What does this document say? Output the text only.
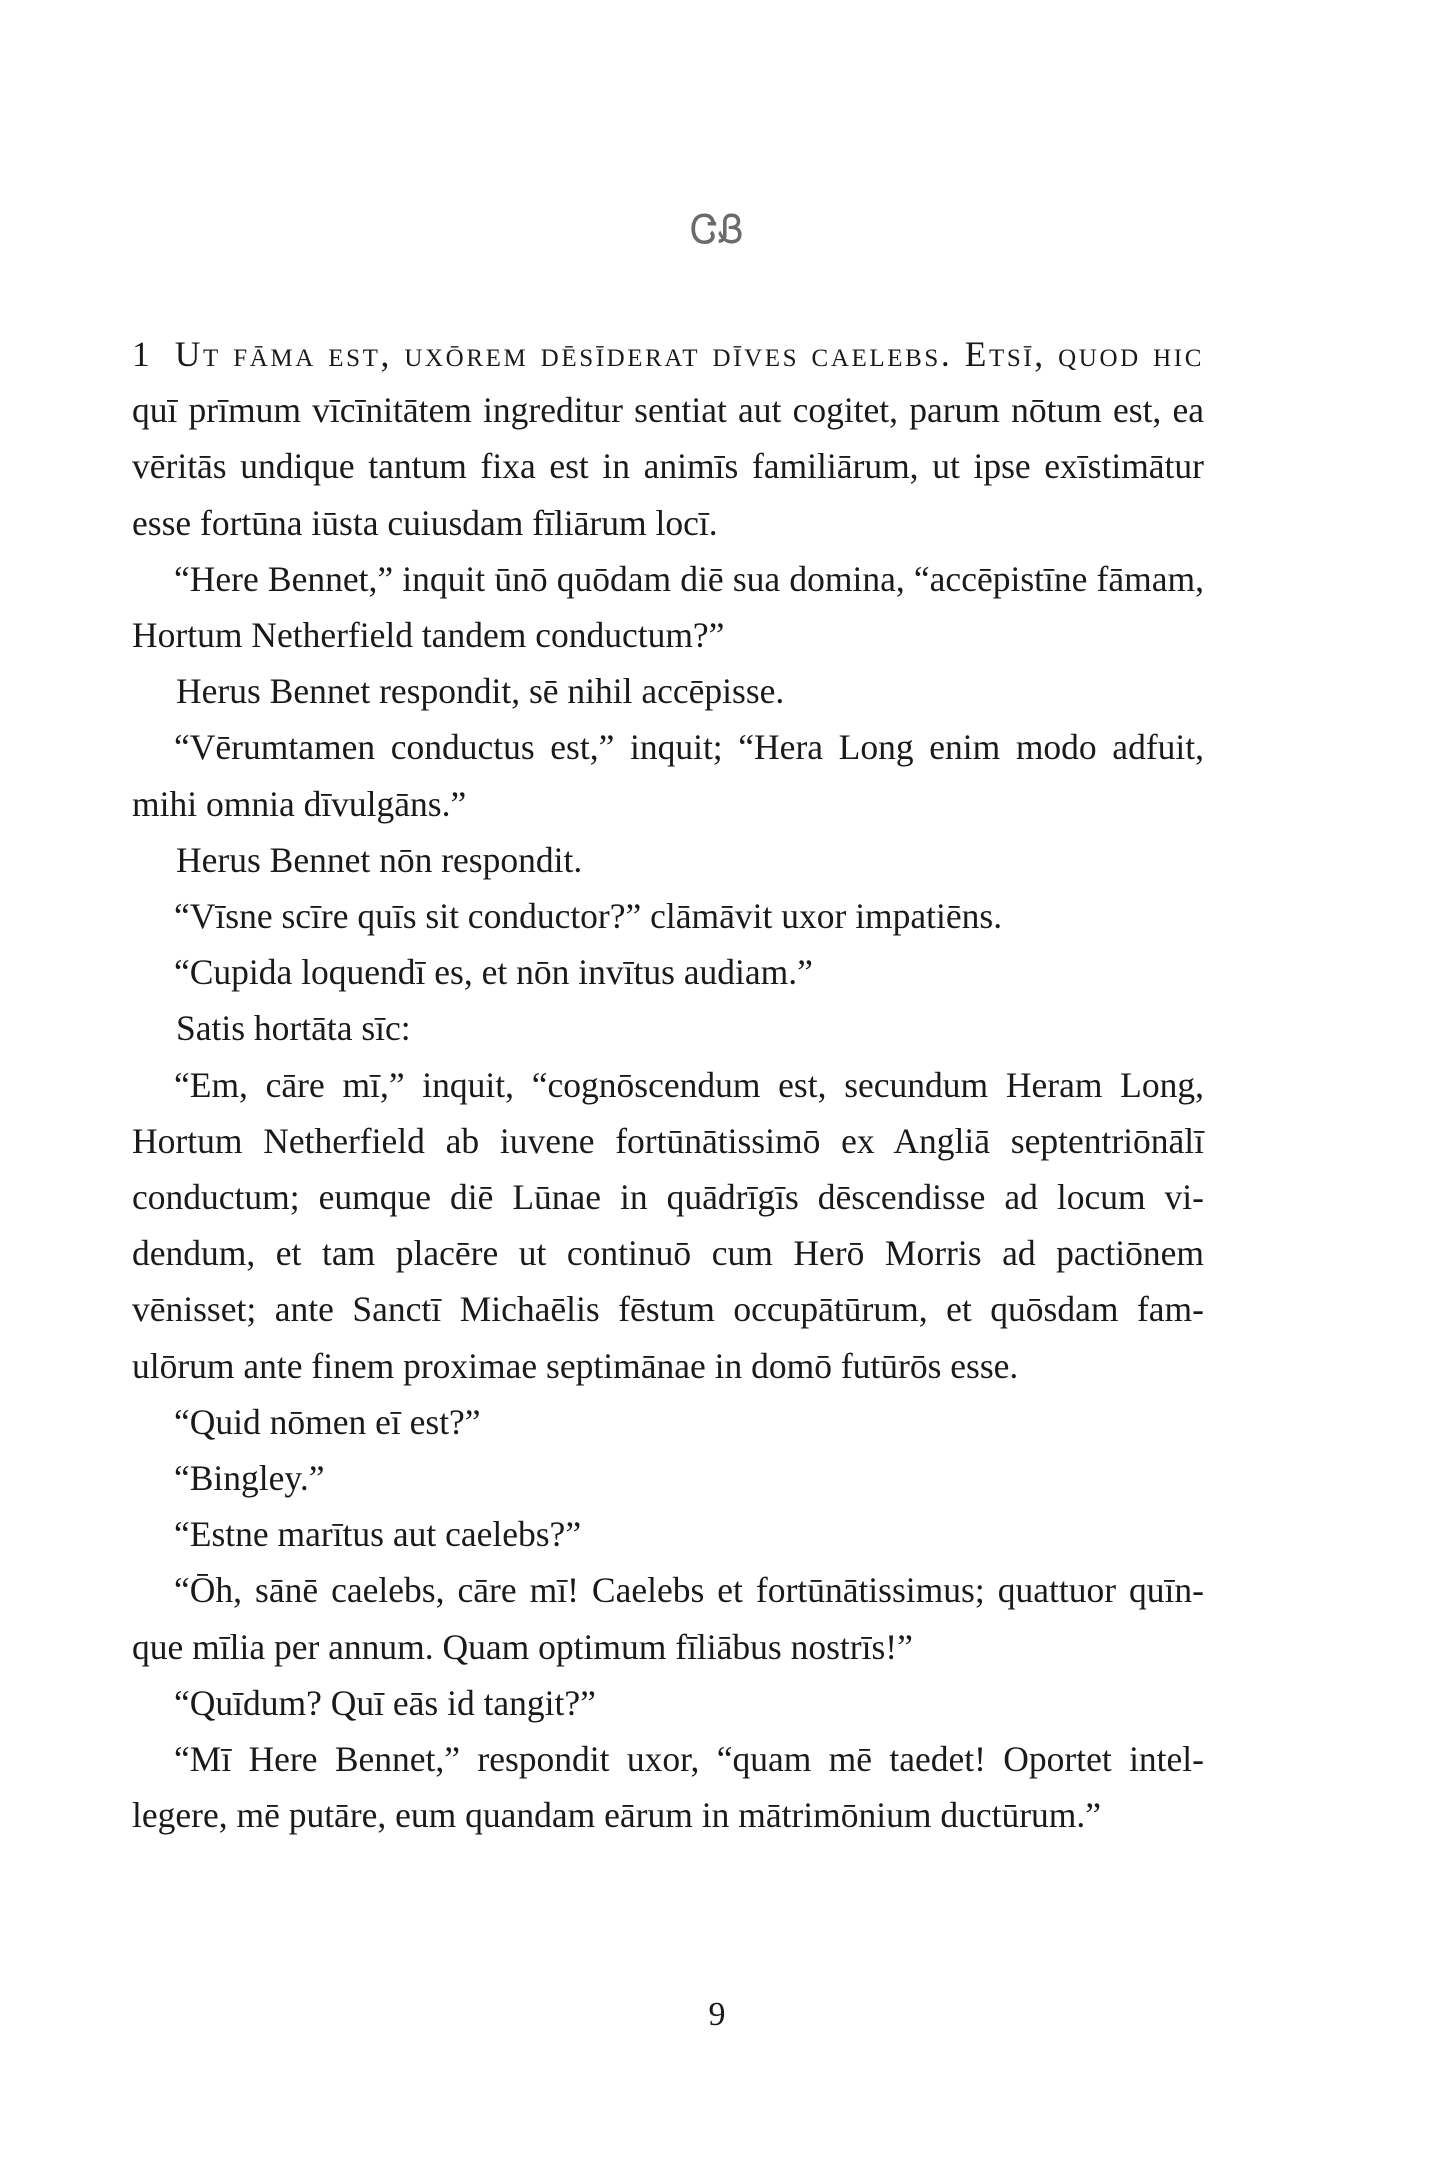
ᏣᏰ

1 Ut fāma est, uxōrem dēsīderat dīves caelebs. Etsī, quod hic quī prīmum vīcīnitātem ingreditur sentiat aut cogitet, parum nōtum est, ea vēritās undique tantum fixa est in animīs familiārum, ut ipse exīstimātur esse fortūna iūsta cuiusdam fīliārum locī.

“Here Bennet,” inquit ūnō quōdam diē sua domina, “accēpistīne fāmam, Hortum Netherfield tandem conductum?”

Herus Bennet respondit, sē nihil accēpisse.

“Vērumtamen conductus est,” inquit; “Hera Long enim modo adfuit, mihi omnia dīvulgāns.”

Herus Bennet nōn respondit.

“Vīsne scīre quīs sit conductor?” clāmāvit uxor impatiēns.

“Cupida loquendī es, et nōn invītus audiam.”

Satis hortāta sīc:

“Em, cāre mī,” inquit, “cognōscendum est, secundum Heram Long, Hortum Netherfield ab iuvene fortūnātissimō ex Angliā septentriōnālī conductum; eumque diē Lūnae in quādrīgīs dēscendisse ad locum videndum, et tam placēre ut continuō cum Herō Morris ad pactiōnem vēnisset; ante Sanctī Michaēlis fēstum occupātūrum, et quōsdam famulōrum ante finem proximae septimānae in domō futūrōs esse.

“Quid nōmen eī est?”

“Bingley.”

“Estne marītus aut caelebs?”

“Ōh, sānē caelebs, cāre mī! Caelebs et fortūnātissimus; quattuor quīnque mīlia per annum. Quam optimum fīliābus nostrīs!”

“Quīdum? Quī eās id tangit?”

“Mī Here Bennet,” respondit uxor, “quam mē taedet! Oportet intellegere, mē putāre, eum quandam eārum in mātrimōnium ductūrum.”

9
